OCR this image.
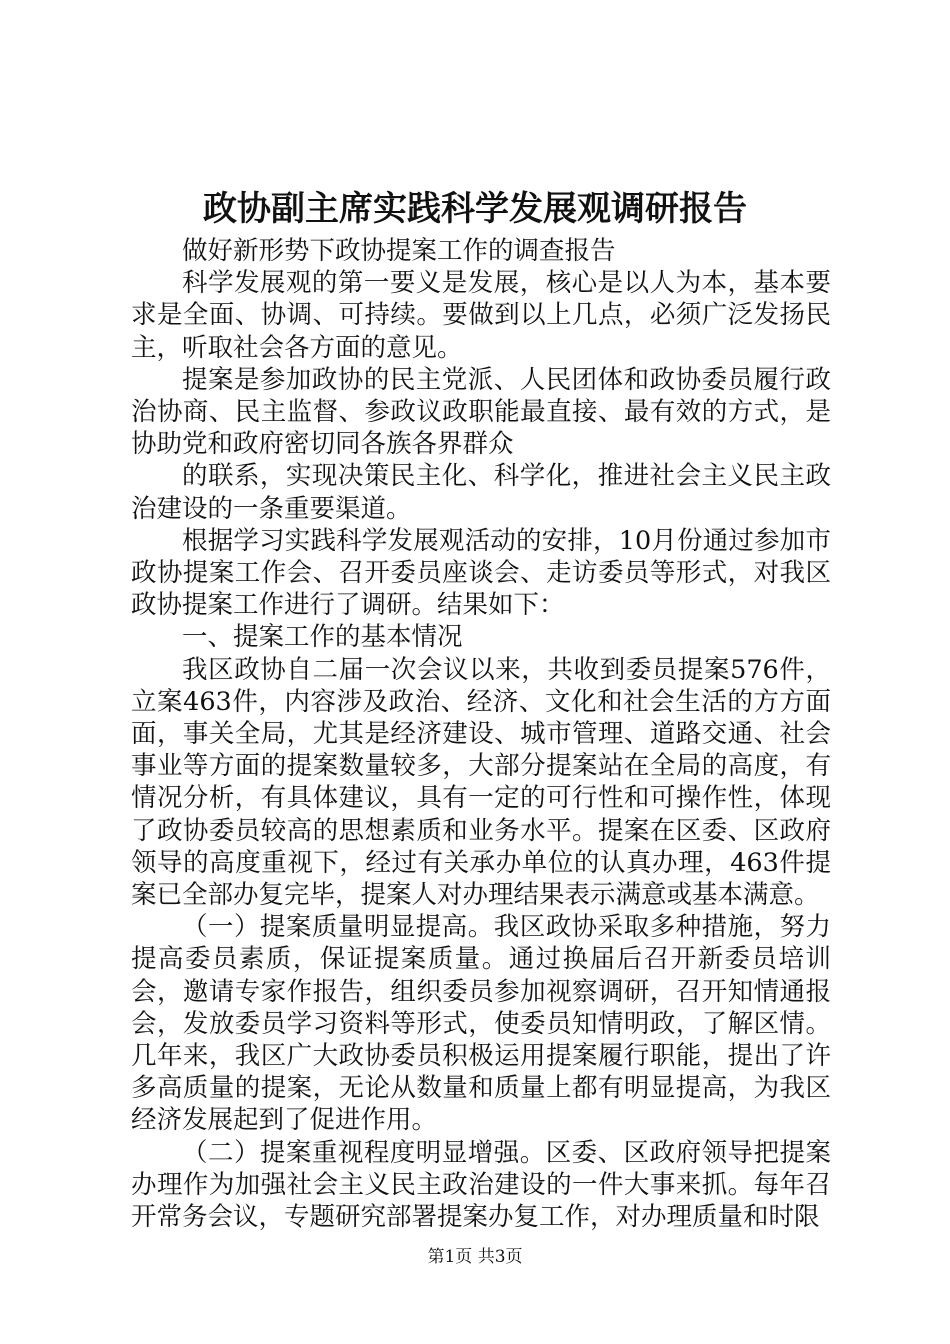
政协副主席实践科学发展观调研报告

做好新形势下政协提案工作的调查报告

科学发展观的第一要义是发展，核心是以人为本，基本要求是全面、协调、可持续。要做到以上几点，必须广泛发扬民主，听取社会各方面的意见。

提案是参加政协的民主党派、人民团体和政协委员履行政治协商、民主监督、参政议政职能最直接、最有效的方式，是协助党和政府密切同各族各界群众

的联系，实现决策民主化、科学化，推进社会主义民主政治建设的一条重要渠道。

根据学习实践科学发展观活动的安排，10月份通过参加市政协提案工作会、召开委员座谈会、走访委员等形式，对我区政协提案工作进行了调研。结果如下：

一、提案工作的基本情况

我区政协自二届一次会议以来，共收到委员提案576件，立案463件，内容涉及政治、经济、文化和社会生活的方方面面，事关全局，尤其是经济建设、城市管理、道路交通、社会事业等方面的提案数量较多，大部分提案站在全局的高度，有情况分析，有具体建议，具有一定的可行性和可操作性，体现了政协委员较高的思想素质和业务水平。提案在区委、区政府领导的高度重视下，经过有关承办单位的认真办理，463件提案已全部办复完毕，提案人对办理结果表示满意或基本满意。

（一）提案质量明显提高。我区政协采取多种措施，努力提高委员素质，保证提案质量。通过换届后召开新委员培训会，邀请专家作报告，组织委员参加视察调研，召开知情通报会，发放委员学习资料等形式，使委员知情明政，了解区情。几年来，我区广大政协委员积极运用提案履行职能，提出了许多高质量的提案，无论从数量和质量上都有明显提高，为我区经济发展起到了促进作用。

（二）提案重视程度明显增强。区委、区政府领导把提案办理作为加强社会主义民主政治建设的一件大事来抓。每年召开常务会议，专题研究部署提案办复工作，对办理质量和时限

第1页 共3页
